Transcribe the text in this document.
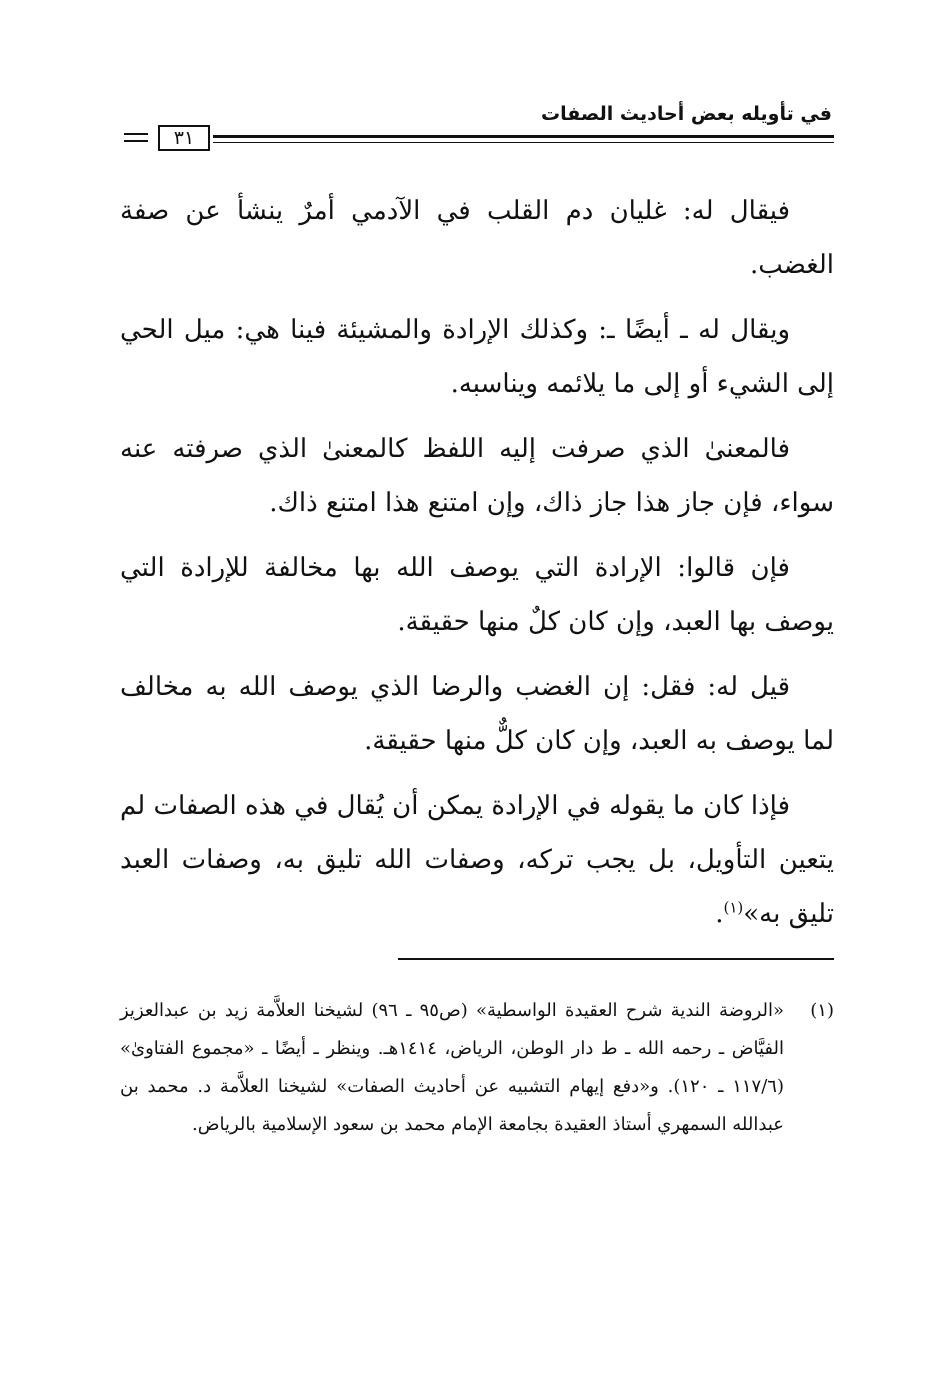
في تأويله بعض أحاديث الصفات
٣١

فيقال له: غليان دم القلب في الآدمي أمرٌ ينشأ عن صفة الغضب.

ويقال له ـ أيضًا ـ: وكذلك الإرادة والمشيئة فينا هي: ميل الحي إلى الشيء أو إلى ما يلائمه ويناسبه.

فالمعنىٰ الذي صرفت إليه اللفظ كالمعنىٰ الذي صرفته عنه سواء، فإن جاز هذا جاز ذاك، وإن امتنع هذا امتنع ذاك.

فإن قالوا: الإرادة التي يوصف الله بها مخالفة للإرادة التي يوصف بها العبد، وإن كان كلٌ منها حقيقة.

قيل له: فقل: إن الغضب والرضا الذي يوصف الله به مخالف لما يوصف به العبد، وإن كان كلٌّ منها حقيقة.

فإذا كان ما يقوله في الإرادة يمكن أن يُقال في هذه الصفات لم يتعين التأويل، بل يجب تركه، وصفات الله تليق به، وصفات العبد تليق به»$^{(١)}$.

(١)
«الروضة الندية شرح العقيدة الواسطية» (ص٩٥ ـ ٩٦) لشيخنا العلاَّمة زيد بن عبدالعزيز الفيَّاض ـ رحمه الله ـ ط دار الوطن، الرياض، ١٤١٤هـ. وينظر ـ أيضًا ـ «مجموع الفتاوىٰ» (١١٧/٦ ـ ١٢٠). و«دفع إيهام التشبيه عن أحاديث الصفات» لشيخنا العلاَّمة د. محمد بن عبدالله السمهري أستاذ العقيدة بجامعة الإمام محمد بن سعود الإسلامية بالرياض.
